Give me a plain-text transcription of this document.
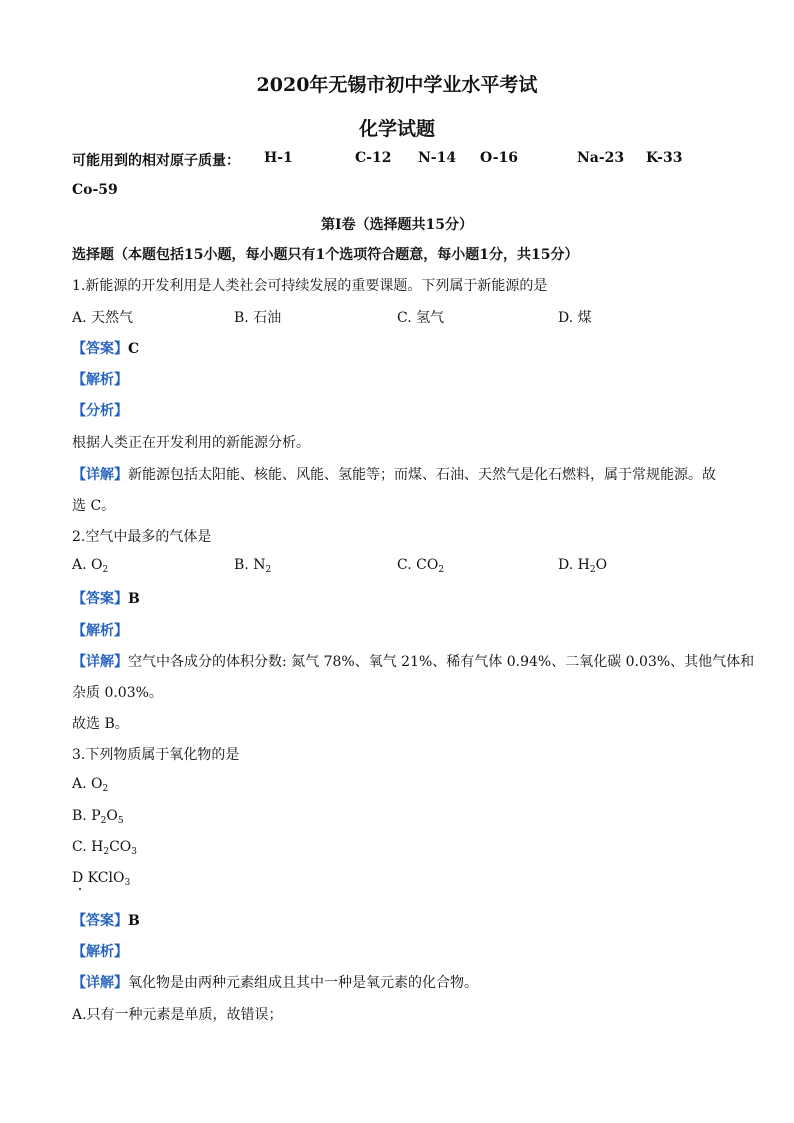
2020年无锡市初中学业水平考试
化学试题
可能用到的相对原子质量： H-1	C-12 N-14 O-16	Na-23 K-33
Co-59
第I卷（选择题共15分）
选择题（本题包括15小题，每小题只有1个选项符合题意，每小题1分，共15分）
1.新能源的开发利用是人类社会可持续发展的重要课题。下列属于新能源的是
A. 天然气	B. 石油	C. 氢气	D. 煤
【答案】C
【解析】
【分析】
根据人类正在开发利用的新能源分析。
【详解】新能源包括太阳能、核能、风能、氢能等；而煤、石油、天然气是化石燃料，属于常规能源。故
选 C。
2.空气中最多的气体是
A. $O_2$	B. $N_2$	C. $CO_2$	D. $H_2O$
【答案】B
【解析】
【详解】空气中各成分的体积分数: 氮气 78%、氧气 21%、稀有气体 0.94%、二氧化碳 0.03%、其他气体和
杂质 0.03%。
故选 B。
3.下列物质属于氧化物的是
A. $O_2$
B. $P_2O_5$
C. $H_2CO_3$
D KClO$_3$
【答案】B
【解析】
【详解】氧化物是由两种元素组成且其中一种是氧元素的化合物。
A.只有一种元素是单质，故错误；
